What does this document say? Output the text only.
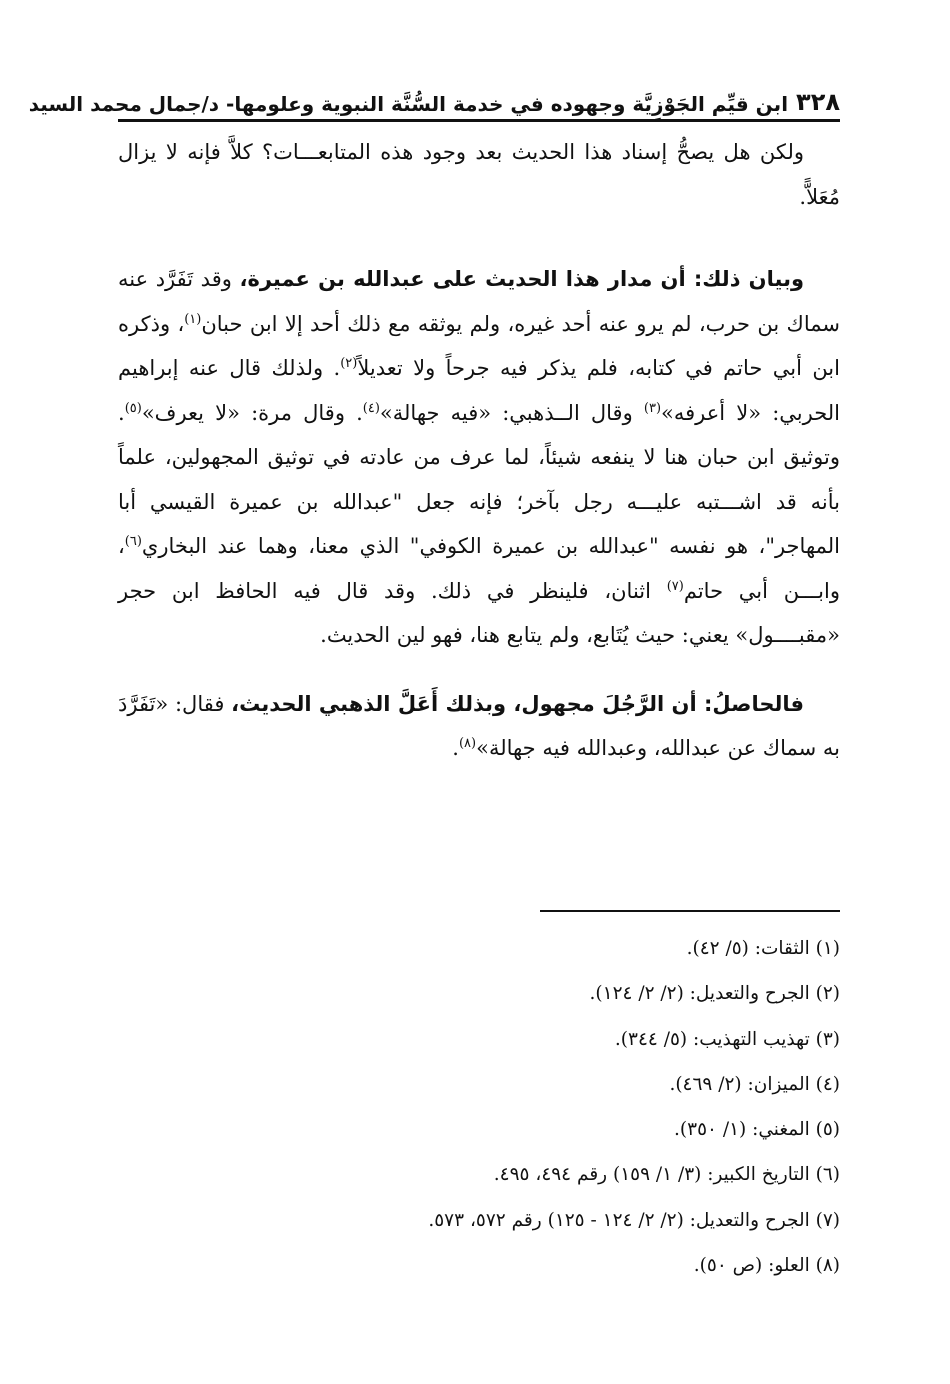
٣٢٨
ابن قيِّم الجَوْزِيَّة وجهوده في خدمة السُّنَّة النبوية وعلومها- د/جمال محمد السيد

ولكن هل يصحُّ إسناد هذا الحديث بعد وجود هذه المتابعـــات؟ كلاَّ فإنه لا يزال مُعَلاًّ.

وبيان ذلك: أن مدار هذا الحديث على عبدالله بن عميرة، وقد تَفَرَّد عنه سماك بن حرب، لم يرو عنه أحد غيره، ولم يوثقه مع ذلك أحد إلا ابن حبان$^{(١)}$، وذكره ابن أبي حاتم في كتابه، فلم يذكر فيه جرحاً ولا تعديلاً$^{(٢)}$. ولذلك قال عنه إبراهيم الحربي: «لا أعرفه»$^{(٣)}$ وقال الــذهبي: «فيه جهالة»$^{(٤)}$. وقال مرة: «لا يعرف»$^{(٥)}$. وتوثيق ابن حبان هنا لا ينفعه شيئاً، لما عرف من عادته في توثيق المجهولين، علماً بأنه قد اشـــتبه عليـــه رجل بآخر؛ فإنه جعل "عبدالله بن عميرة القيسي أبا المهاجر"، هو نفسه "عبدالله بن عميرة الكوفي" الذي معنا، وهما عند البخاري$^{(٦)}$، وابـــن أبي حاتم$^{(٧)}$ اثنان، فلينظر في ذلك. وقد قال فيه الحافظ ابن حجر «مقبــــول» يعني: حيث يُتَابع، ولم يتابع هنا، فهو لين الحديث.

فالحاصلُ: أن الرَّجُلَ مجهول، وبذلك أَعَلَّ الذهبي الحديث، فقال: «تَفَرَّدَ به سماك عن عبدالله، وعبدالله فيه جهالة»$^{(٨)}$.

(١) الثقات: (٥/ ٤٢).
(٢) الجرح والتعديل: (٢/ ٢/ ١٢٤).
(٣) تهذيب التهذيب: (٥/ ٣٤٤).
(٤) الميزان: (٢/ ٤٦٩).
(٥) المغني: (١/ ٣٥٠).
(٦) التاريخ الكبير: (٣/ ١/ ١٥٩) رقم ٤٩٤، ٤٩٥.
(٧) الجرح والتعديل: (٢/ ٢/ ١٢٤ - ١٢٥) رقم ٥٧٢، ٥٧٣.
(٨) العلو: (ص ٥٠).
